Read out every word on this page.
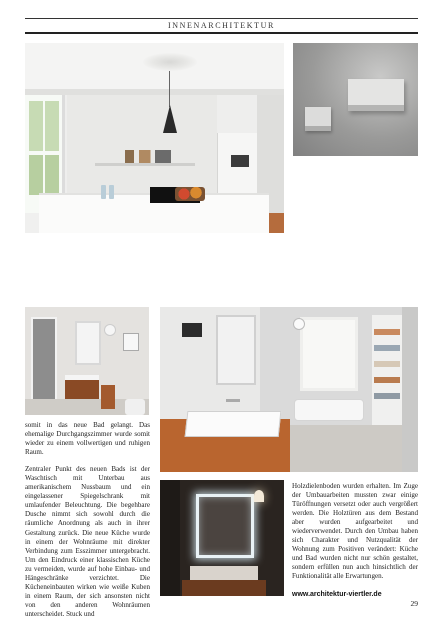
INNENARCHITEKTUR

somit in das neue Bad gelangt. Das ehemalige Durchgangszimmer wurde somit wieder zu einem vollwertigen und ruhigen Raum.

Zentraler Punkt des neuen Bads ist der Waschtisch mit Unterbau aus amerikanischem Nussbaum und ein eingelassener Spiegelschrank mit umlaufender Beleuchtung. Die begehbare Dusche nimmt sich sowohl durch die räumliche Anordnung als auch in ihrer Gestaltung zurück. Die neue Küche wurde in einem der Wohnräume mit direkter Verbindung zum Esszimmer untergebracht. Um den Eindruck einer klassischen Küche zu vermeiden, wurde auf hohe Einbau- und Hängeschränke verzichtet. Die Kücheneinbauten wirken wie weiße Kuben in einem Raum, der sich ansonsten nicht von den anderen Wohnräumen unterscheidet. Stuck und

Holzdielenboden wurden erhalten. Im Zuge der Umbauarbeiten mussten zwar einige Türöffnungen versetzt oder auch vergrößert werden. Die Holztüren aus dem Bestand aber wurden aufgearbeitet und wiederverwendet. Durch den Umbau haben sich Charakter und Nutzqualität der Wohnung zum Positiven verändert: Küche und Bad wurden nicht nur schön gestaltet, sondern erfüllen nun auch hinsichtlich der Funktionalität alle Erwartungen.

www.architektur-viertler.de

29
